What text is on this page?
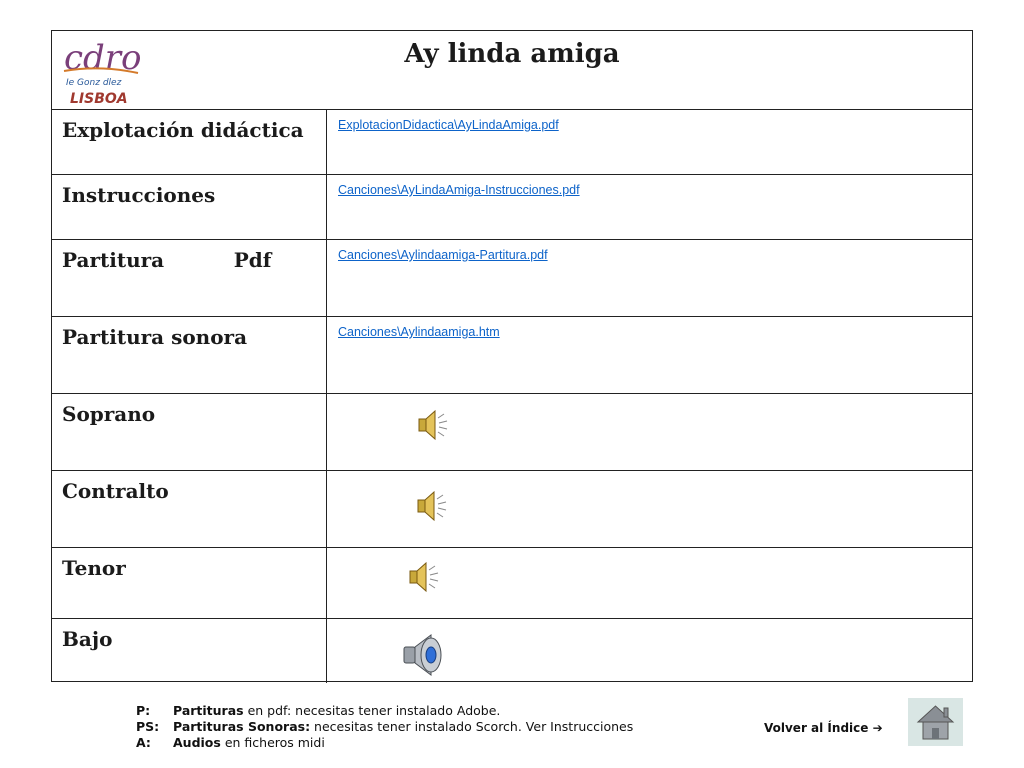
cdro
Ie Gonz dlez
LISBOA
Ay linda amiga
Explotación didáctica	ExplotacionDidactica\AyLindaAmiga.pdf
Instrucciones	Canciones\AyLindaAmiga-Instrucciones.pdf
Partitura          Pdf	Canciones\Aylindaamiga-Partitura.pdf
Partitura sonora	Canciones\Aylindaamiga.htm
Soprano
Contralto
Tenor
Bajo
P: Partituras en pdf: necesitas tener instalado Adobe.
PS: Partituras Sonoras: necesitas tener instalado Scorch. Ver Instrucciones
A: Audios en ficheros midi
Volver al Índice ➔
